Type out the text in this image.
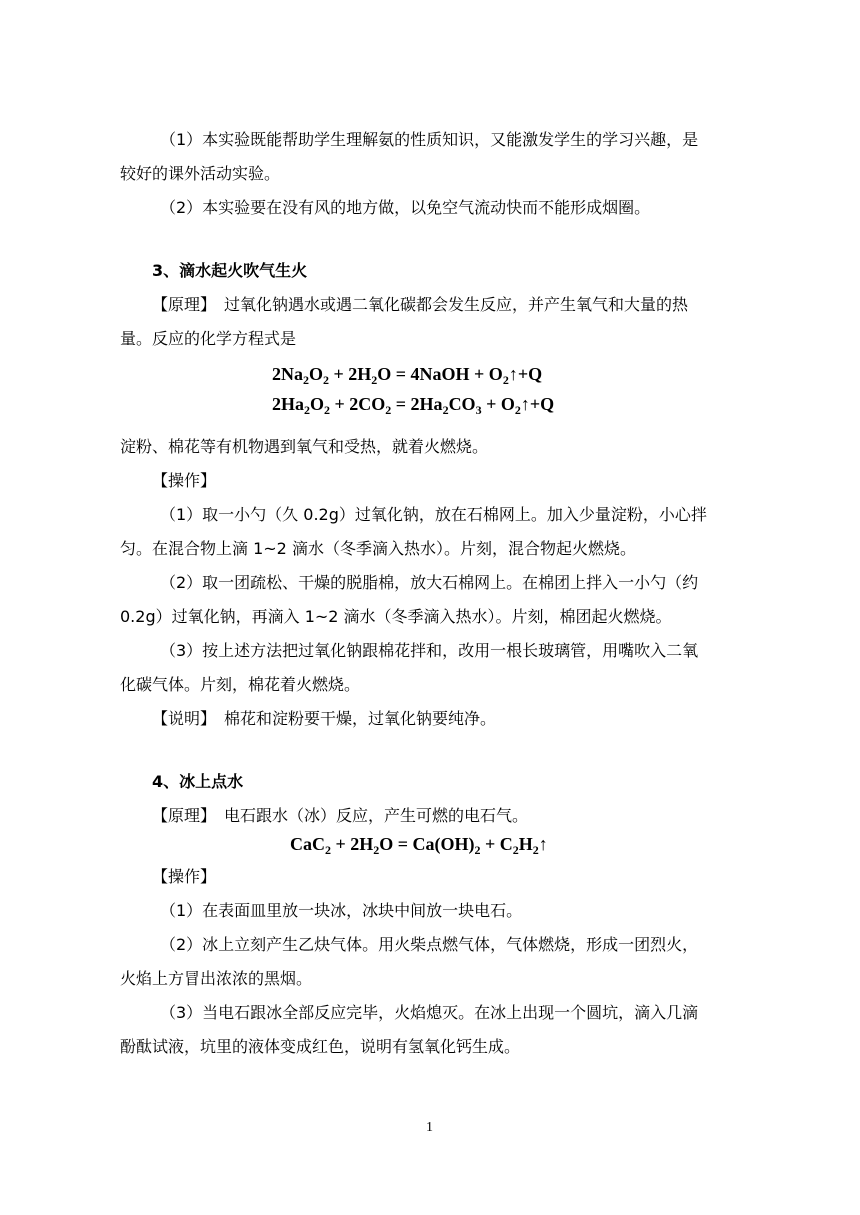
（1）本实验既能帮助学生理解氨的性质知识，又能激发学生的学习兴趣，是
较好的课外活动实验。
（2）本实验要在没有风的地方做，以免空气流动快而不能形成烟圈。
3、滴水起火吹气生火
【原理】　过氧化钠遇水或遇二氧化碳都会发生反应，并产生氧气和大量的热
量。反应的化学方程式是
$2Na_2O_2 + 2H_2O$ = 4NaOH + $O_2↑+Q$
$2Ha_2O_2 + 2CO_2 = 2Ha_2CO_3$ + $O_2↑+Q$
淀粉、棉花等有机物遇到氧气和受热，就着火燃烧。
【操作】
（1）取一小勺（久 0.2g）过氧化钠，放在石棉网上。加入少量淀粉，小心拌
匀。在混合物上滴 1~2 滴水（冬季滴入热水）。片刻，混合物起火燃烧。
（2）取一团疏松、干燥的脱脂棉，放大石棉网上。在棉团上拌入一小勺（约
0.2g）过氧化钠，再滴入 1~2 滴水（冬季滴入热水）。片刻，棉团起火燃烧。
（3）按上述方法把过氧化钠跟棉花拌和，改用一根长玻璃管，用嘴吹入二氧
化碳气体。片刻，棉花着火燃烧。
【说明】　棉花和淀粉要干燥，过氧化钠要纯净。
4、冰上点水
【原理】　电石跟水（冰）反应，产生可燃的电石气。
$CaC_2 + 2H_2O = Ca(OH)_2$ + $C_2H_2↑$
【操作】
（1）在表面皿里放一块冰，冰块中间放一块电石。
（2）冰上立刻产生乙炔气体。用火柴点燃气体，气体燃烧，形成一团烈火，
火焰上方冒出浓浓的黑烟。
（3）当电石跟冰全部反应完毕，火焰熄灭。在冰上出现一个圆坑，滴入几滴
酚酞试液，坑里的液体变成红色，说明有氢氧化钙生成。
1
